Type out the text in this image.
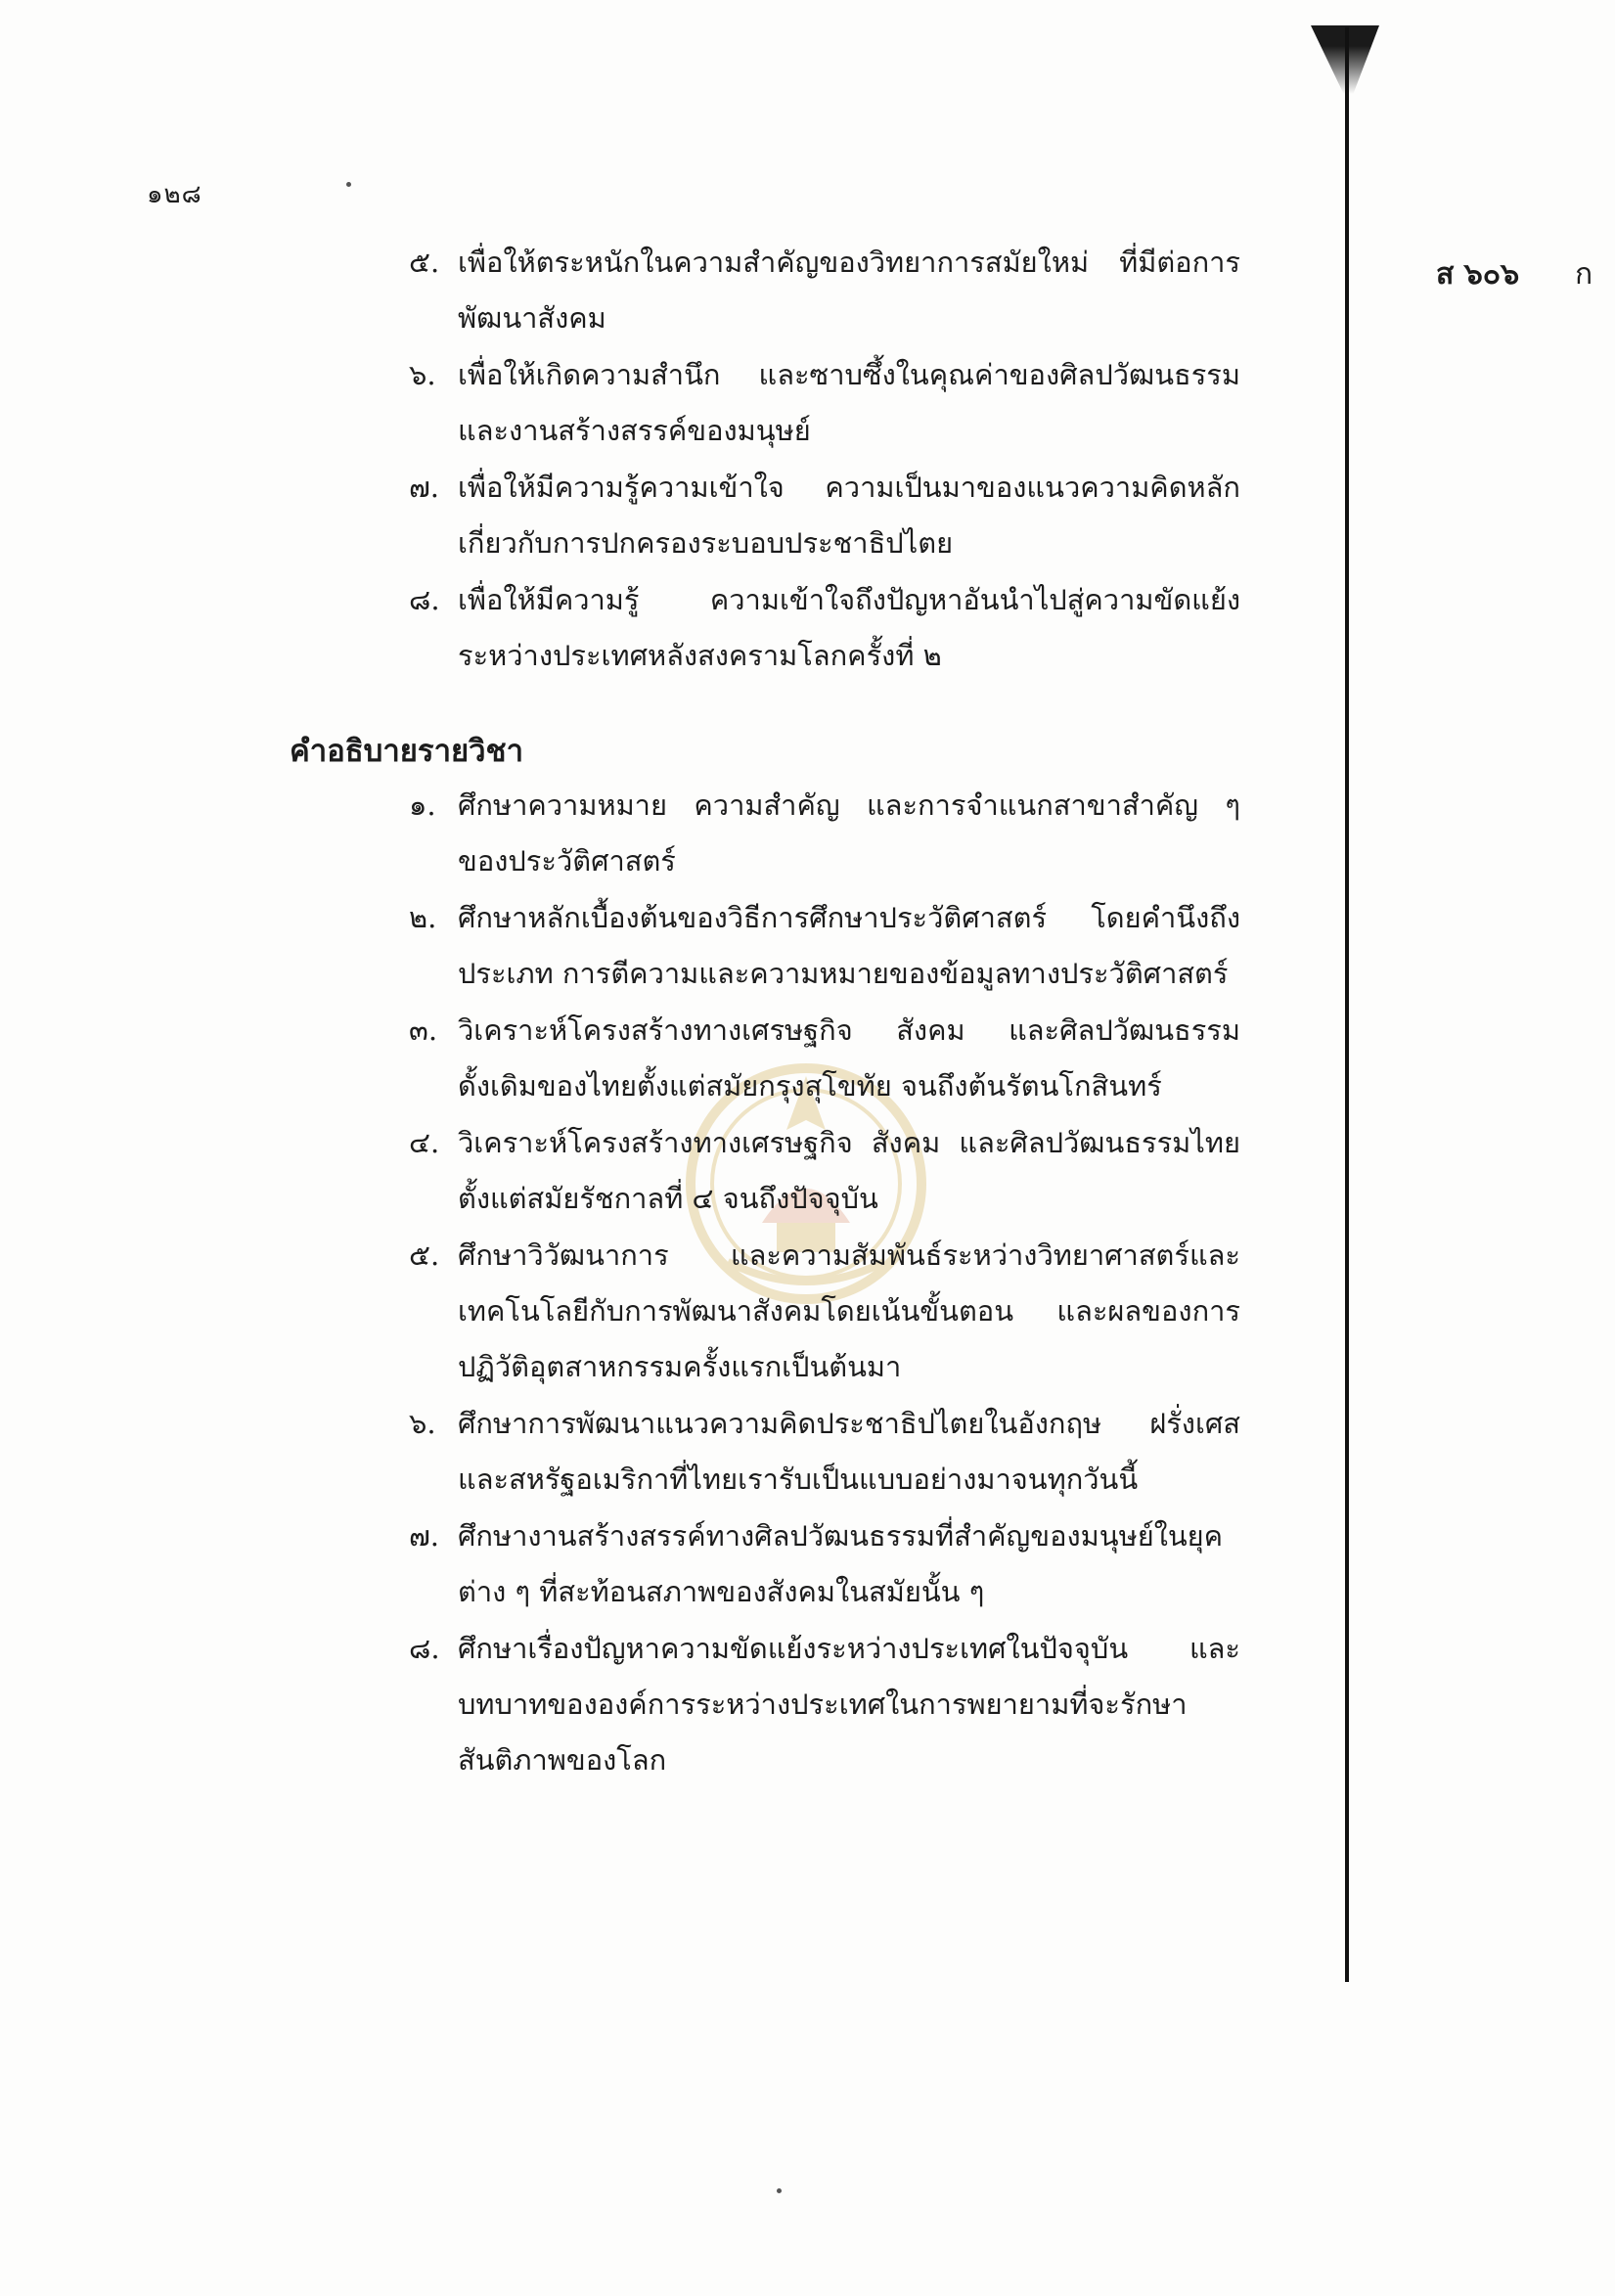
๑๒๘
ส ๖๐๖ ก
๕. เพื่อให้ตระหนักในความสำคัญของวิทยาการสมัยใหม่ ที่มีต่อการพัฒนาสังคม
๖. เพื่อให้เกิดความสำนึก และซาบซึ้งในคุณค่าของศิลปวัฒนธรรมและงานสร้างสรรค์ของมนุษย์
๗. เพื่อให้มีความรู้ความเข้าใจ ความเป็นมาของแนวความคิดหลักเกี่ยวกับการปกครองระบอบประชาธิปไตย
๘. เพื่อให้มีความรู้ ความเข้าใจถึงปัญหาอันนำไปสู่ความขัดแย้งระหว่างประเทศหลังสงครามโลกครั้งที่ ๒
คำอธิบายรายวิชา
๑. ศึกษาความหมาย ความสำคัญ และการจำแนกสาขาสำคัญ ๆ ของประวัติศาสตร์
๒. ศึกษาหลักเบื้องต้นของวิธีการศึกษาประวัติศาสตร์ โดยคำนึงถึงประเภท การตีความและความหมายของข้อมูลทางประวัติศาสตร์
๓. วิเคราะห์โครงสร้างทางเศรษฐกิจ สังคม และศิลปวัฒนธรรมดั้งเดิมของไทยตั้งแต่สมัยกรุงสุโขทัย จนถึงต้นรัตนโกสินทร์
๔. วิเคราะห์โครงสร้างทางเศรษฐกิจ สังคม และศิลปวัฒนธรรมไทยตั้งแต่สมัยรัชกาลที่ ๔ จนถึงปัจจุบัน
๕. ศึกษาวิวัฒนาการ และความสัมพันธ์ระหว่างวิทยาศาสตร์และเทคโนโลยีกับการพัฒนาสังคมโดยเน้นขั้นตอน และผลของการปฏิวัติอุตสาหกรรมครั้งแรกเป็นต้นมา
๖. ศึกษาการพัฒนาแนวความคิดประชาธิปไตยในอังกฤษ ฝรั่งเศส และสหรัฐอเมริกาที่ไทยเรารับเป็นแบบอย่างมาจนทุกวันนี้
๗. ศึกษางานสร้างสรรค์ทางศิลปวัฒนธรรมที่สำคัญของมนุษย์ในยุคต่าง ๆ ที่สะท้อนสภาพของสังคมในสมัยนั้น ๆ
๘. ศึกษาเรื่องปัญหาความขัดแย้งระหว่างประเทศในปัจจุบัน และบทบาทขององค์การระหว่างประเทศในการพยายามที่จะรักษาสันติภาพของโลก
